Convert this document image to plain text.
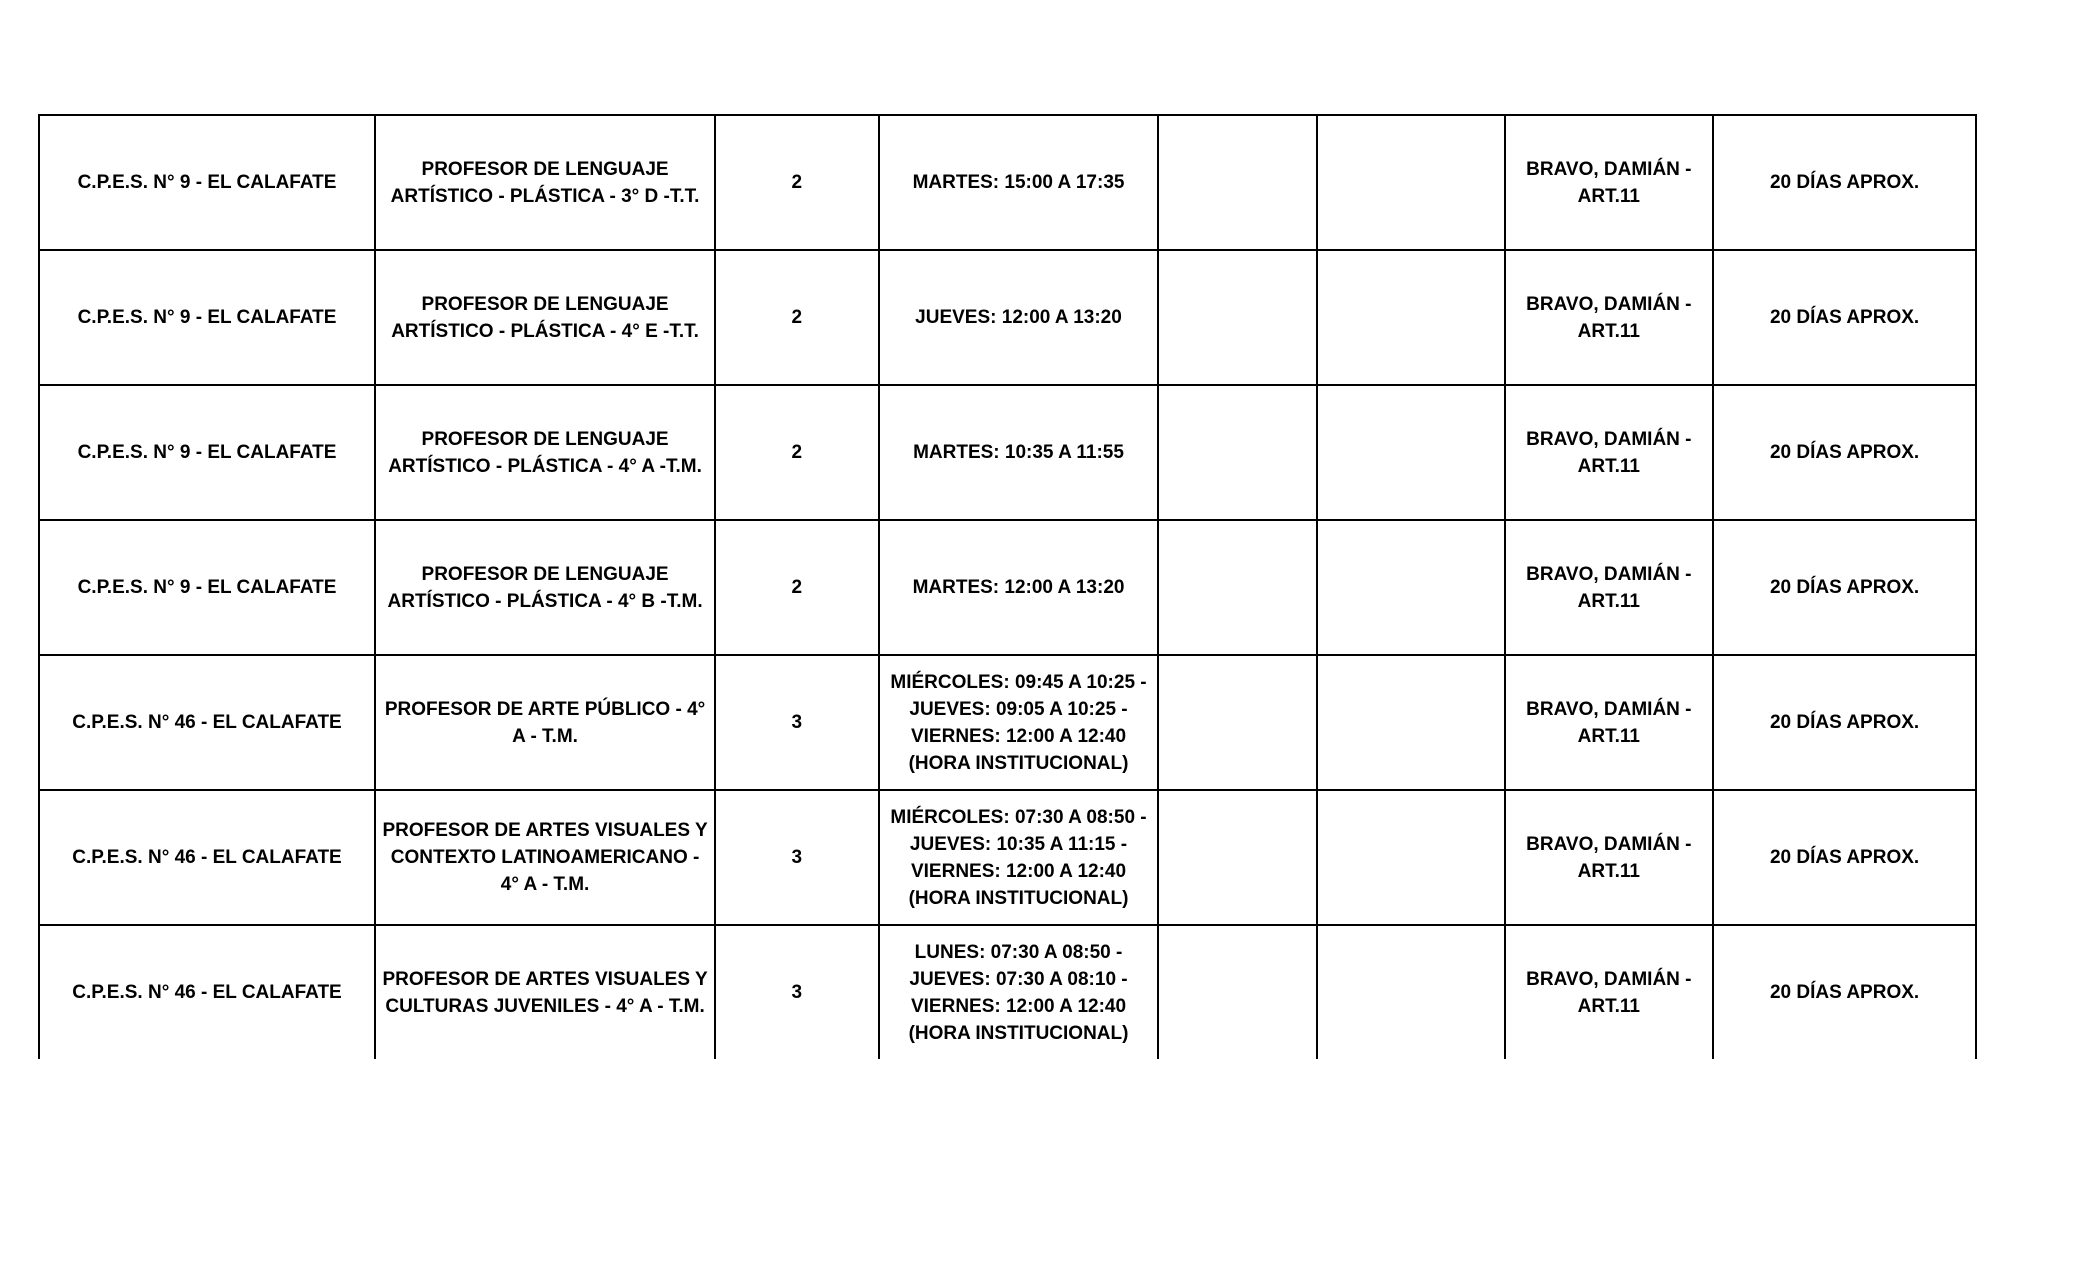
C.P.E.S. N° 9 - EL CALAFATE	PROFESOR DE LENGUAJE ARTÍSTICO - PLÁSTICA - 3° D -T.T.	2	MARTES: 15:00 A 17:35			BRAVO, DAMIÁN - ART.11	20 DÍAS APROX.
C.P.E.S. N° 9 - EL CALAFATE	PROFESOR DE LENGUAJE ARTÍSTICO - PLÁSTICA - 4° E -T.T.	2	JUEVES: 12:00 A 13:20			BRAVO, DAMIÁN - ART.11	20 DÍAS APROX.
C.P.E.S. N° 9 - EL CALAFATE	PROFESOR DE LENGUAJE ARTÍSTICO - PLÁSTICA - 4° A -T.M.	2	MARTES: 10:35 A 11:55			BRAVO, DAMIÁN - ART.11	20 DÍAS APROX.
C.P.E.S. N° 9 - EL CALAFATE	PROFESOR DE LENGUAJE ARTÍSTICO - PLÁSTICA - 4° B -T.M.	2	MARTES: 12:00 A 13:20			BRAVO, DAMIÁN - ART.11	20 DÍAS APROX.
C.P.E.S. N° 46 - EL CALAFATE	PROFESOR DE ARTE PÚBLICO - 4° A - T.M.	3	MIÉRCOLES: 09:45 A 10:25 - JUEVES: 09:05 A 10:25 - VIERNES: 12:00 A 12:40 (HORA INSTITUCIONAL)			BRAVO, DAMIÁN - ART.11	20 DÍAS APROX.
C.P.E.S. N° 46 - EL CALAFATE	PROFESOR DE ARTES VISUALES Y CONTEXTO LATINOAMERICANO - 4° A - T.M.	3	MIÉRCOLES: 07:30 A 08:50 - JUEVES: 10:35 A 11:15 - VIERNES: 12:00 A 12:40 (HORA INSTITUCIONAL)			BRAVO, DAMIÁN - ART.11	20 DÍAS APROX.
C.P.E.S. N° 46 - EL CALAFATE	PROFESOR DE ARTES VISUALES Y CULTURAS JUVENILES - 4° A - T.M.	3	LUNES: 07:30 A 08:50 - JUEVES: 07:30 A 08:10 - VIERNES: 12:00 A 12:40 (HORA INSTITUCIONAL)			BRAVO, DAMIÁN - ART.11	20 DÍAS APROX.
